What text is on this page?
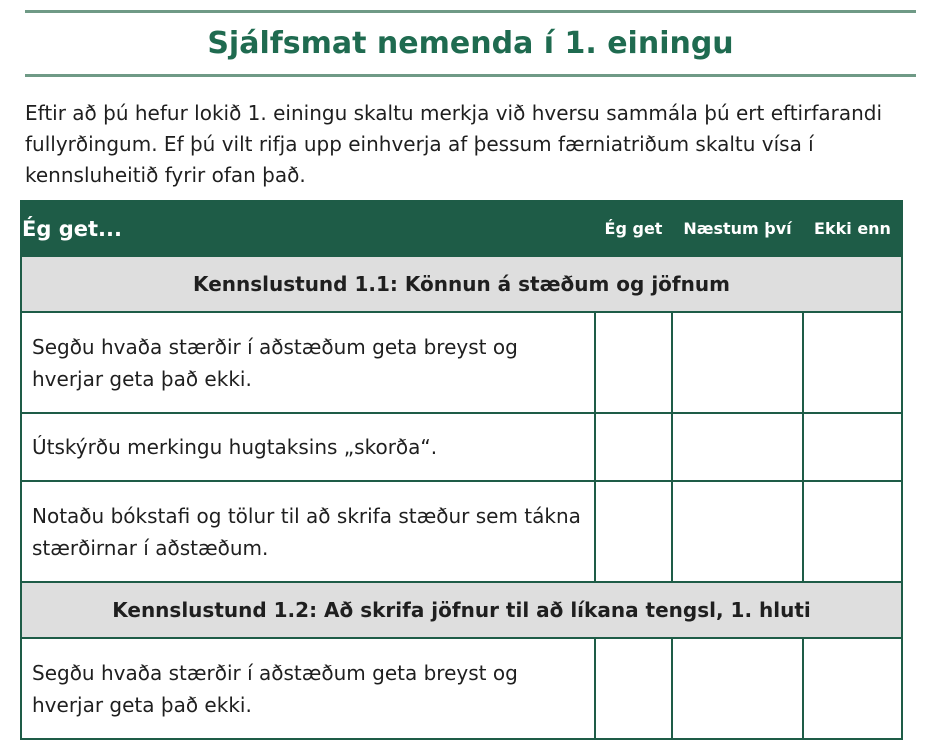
Sjálfsmat nemenda í 1. einingu
Eftir að þú hefur lokið 1. einingu skaltu merkja við hversu sammála þú ert eftirfarandi fullyrðingum. Ef þú vilt rifja upp einhverja af þessum færniatriðum skaltu vísa í kennsluheitið fyrir ofan það.
Ég get...	Ég get	Næstum því	Ekki enn
Kennslustund 1.1: Könnun á stæðum og jöfnum			
Segðu hvaða stærðir í aðstæðum geta breyst og hverjar geta það ekki.			
Útskýrðu merkingu hugtaksins „skorða“.			
Notaðu bókstafi og tölur til að skrifa stæður sem tákna stærðirnar í aðstæðum.			
Kennslustund 1.2: Að skrifa jöfnur til að líkana tengsl, 1. hluti			
Segðu hvaða stærðir í aðstæðum geta breyst og hverjar geta það ekki.			
